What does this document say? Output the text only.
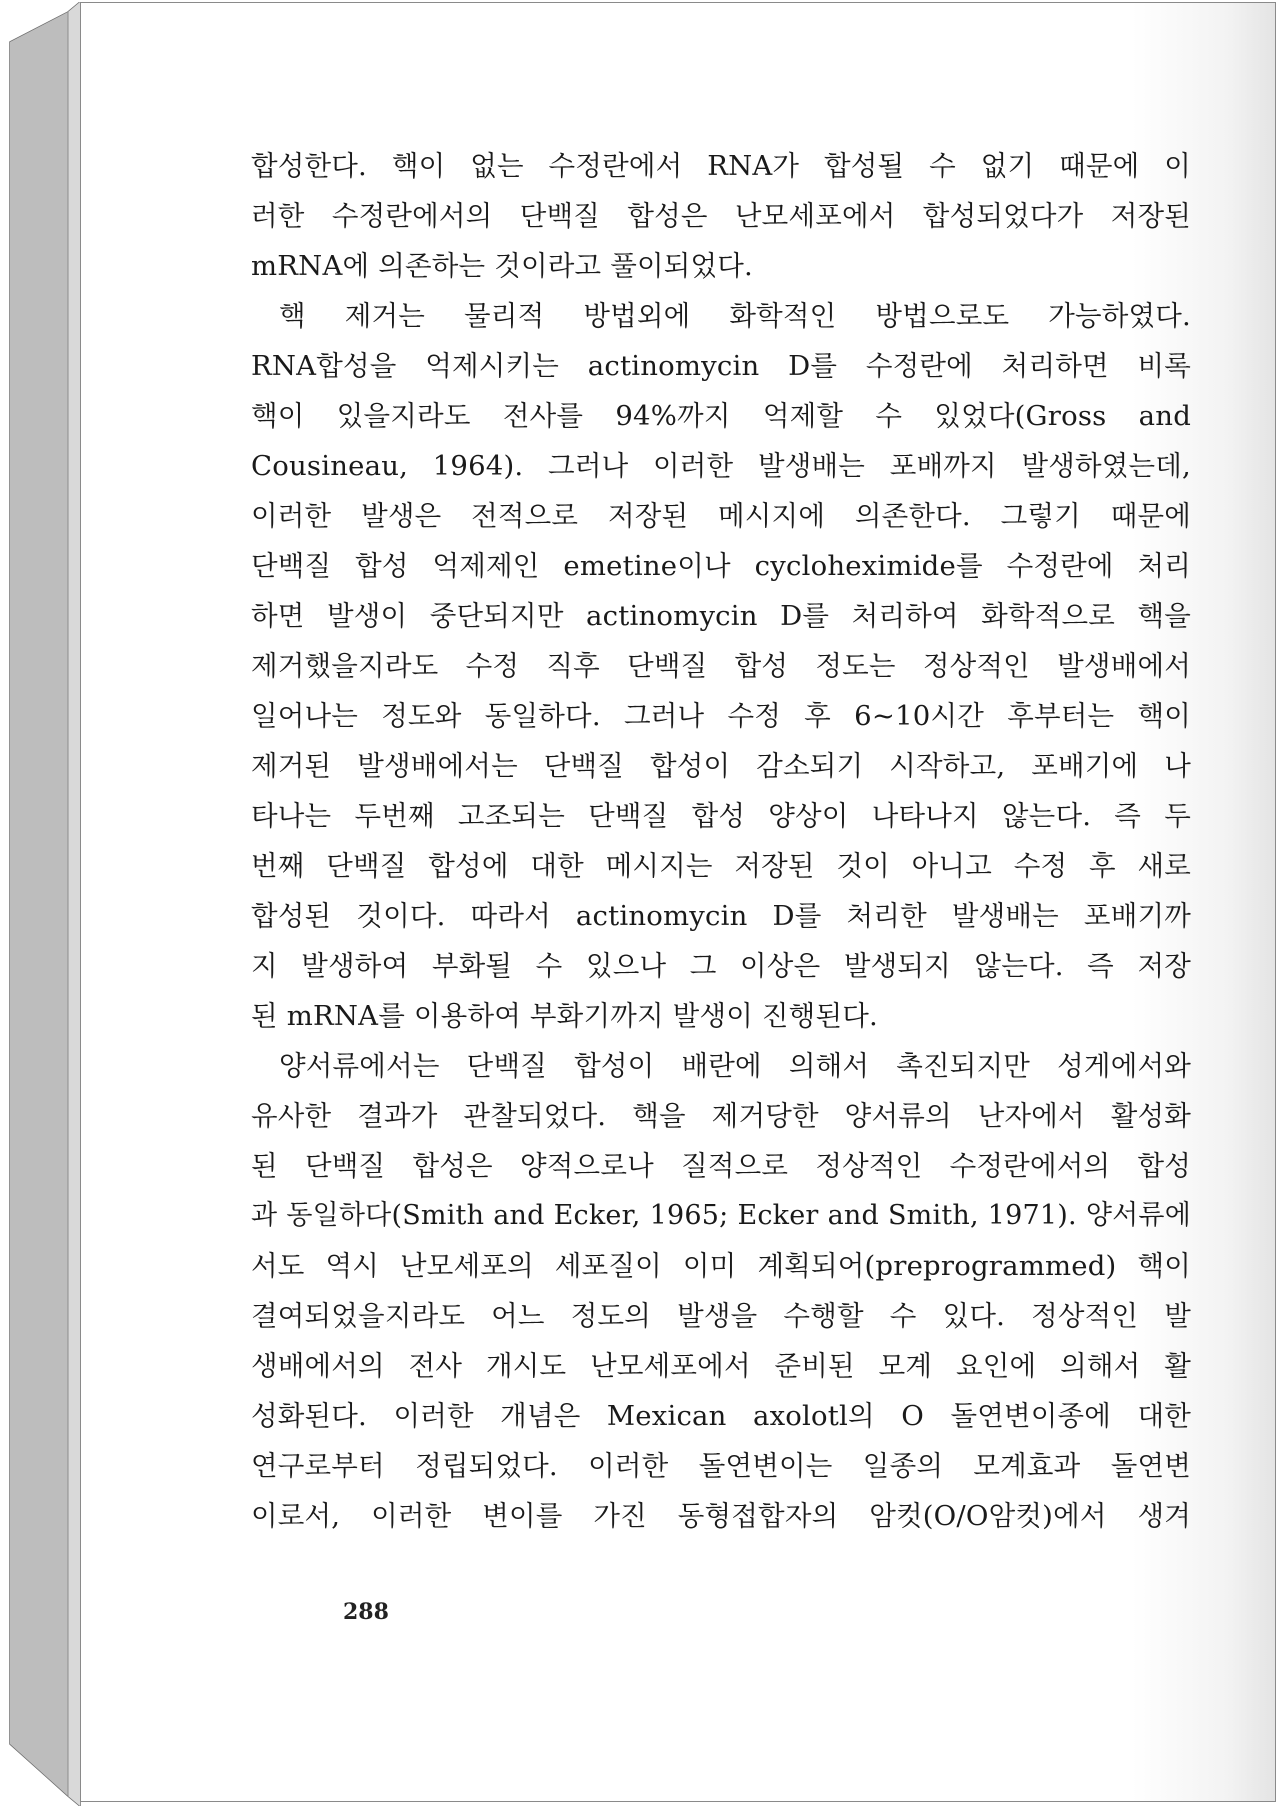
합성한다. 핵이 없는 수정란에서 RNA가 합성될 수 없기 때문에 이
러한 수정란에서의 단백질 합성은 난모세포에서 합성되었다가 저장된
mRNA에 의존하는 것이라고 풀이되었다.
핵 제거는 물리적 방법외에 화학적인 방법으로도 가능하였다.
RNA합성을 억제시키는 actinomycin D를 수정란에 처리하면 비록
핵이 있을지라도 전사를 94%까지 억제할 수 있었다(Gross and
Cousineau, 1964). 그러나 이러한 발생배는 포배까지 발생하였는데,
이러한 발생은 전적으로 저장된 메시지에 의존한다. 그렇기 때문에
단백질 합성 억제제인 emetine이나 cycloheximide를 수정란에 처리
하면 발생이 중단되지만 actinomycin D를 처리하여 화학적으로 핵을
제거했을지라도 수정 직후 단백질 합성 정도는 정상적인 발생배에서
일어나는 정도와 동일하다. 그러나 수정 후 6~10시간 후부터는 핵이
제거된 발생배에서는 단백질 합성이 감소되기 시작하고, 포배기에 나
타나는 두번째 고조되는 단백질 합성 양상이 나타나지 않는다. 즉 두
번째 단백질 합성에 대한 메시지는 저장된 것이 아니고 수정 후 새로
합성된 것이다. 따라서 actinomycin D를 처리한 발생배는 포배기까
지 발생하여 부화될 수 있으나 그 이상은 발생되지 않는다. 즉 저장
된 mRNA를 이용하여 부화기까지 발생이 진행된다.
양서류에서는 단백질 합성이 배란에 의해서 촉진되지만 성게에서와
유사한 결과가 관찰되었다. 핵을 제거당한 양서류의 난자에서 활성화
된 단백질 합성은 양적으로나 질적으로 정상적인 수정란에서의 합성
과 동일하다(Smith and Ecker, 1965; Ecker and Smith, 1971). 양서류에
서도 역시 난모세포의 세포질이 이미 계획되어(preprogrammed) 핵이
결여되었을지라도 어느 정도의 발생을 수행할 수 있다. 정상적인 발
생배에서의 전사 개시도 난모세포에서 준비된 모계 요인에 의해서 활
성화된다. 이러한 개념은 Mexican axolotl의 O 돌연변이종에 대한
연구로부터 정립되었다. 이러한 돌연변이는 일종의 모계효과 돌연변
이로서, 이러한 변이를 가진 동형접합자의 암컷(O/O암컷)에서 생겨
288
